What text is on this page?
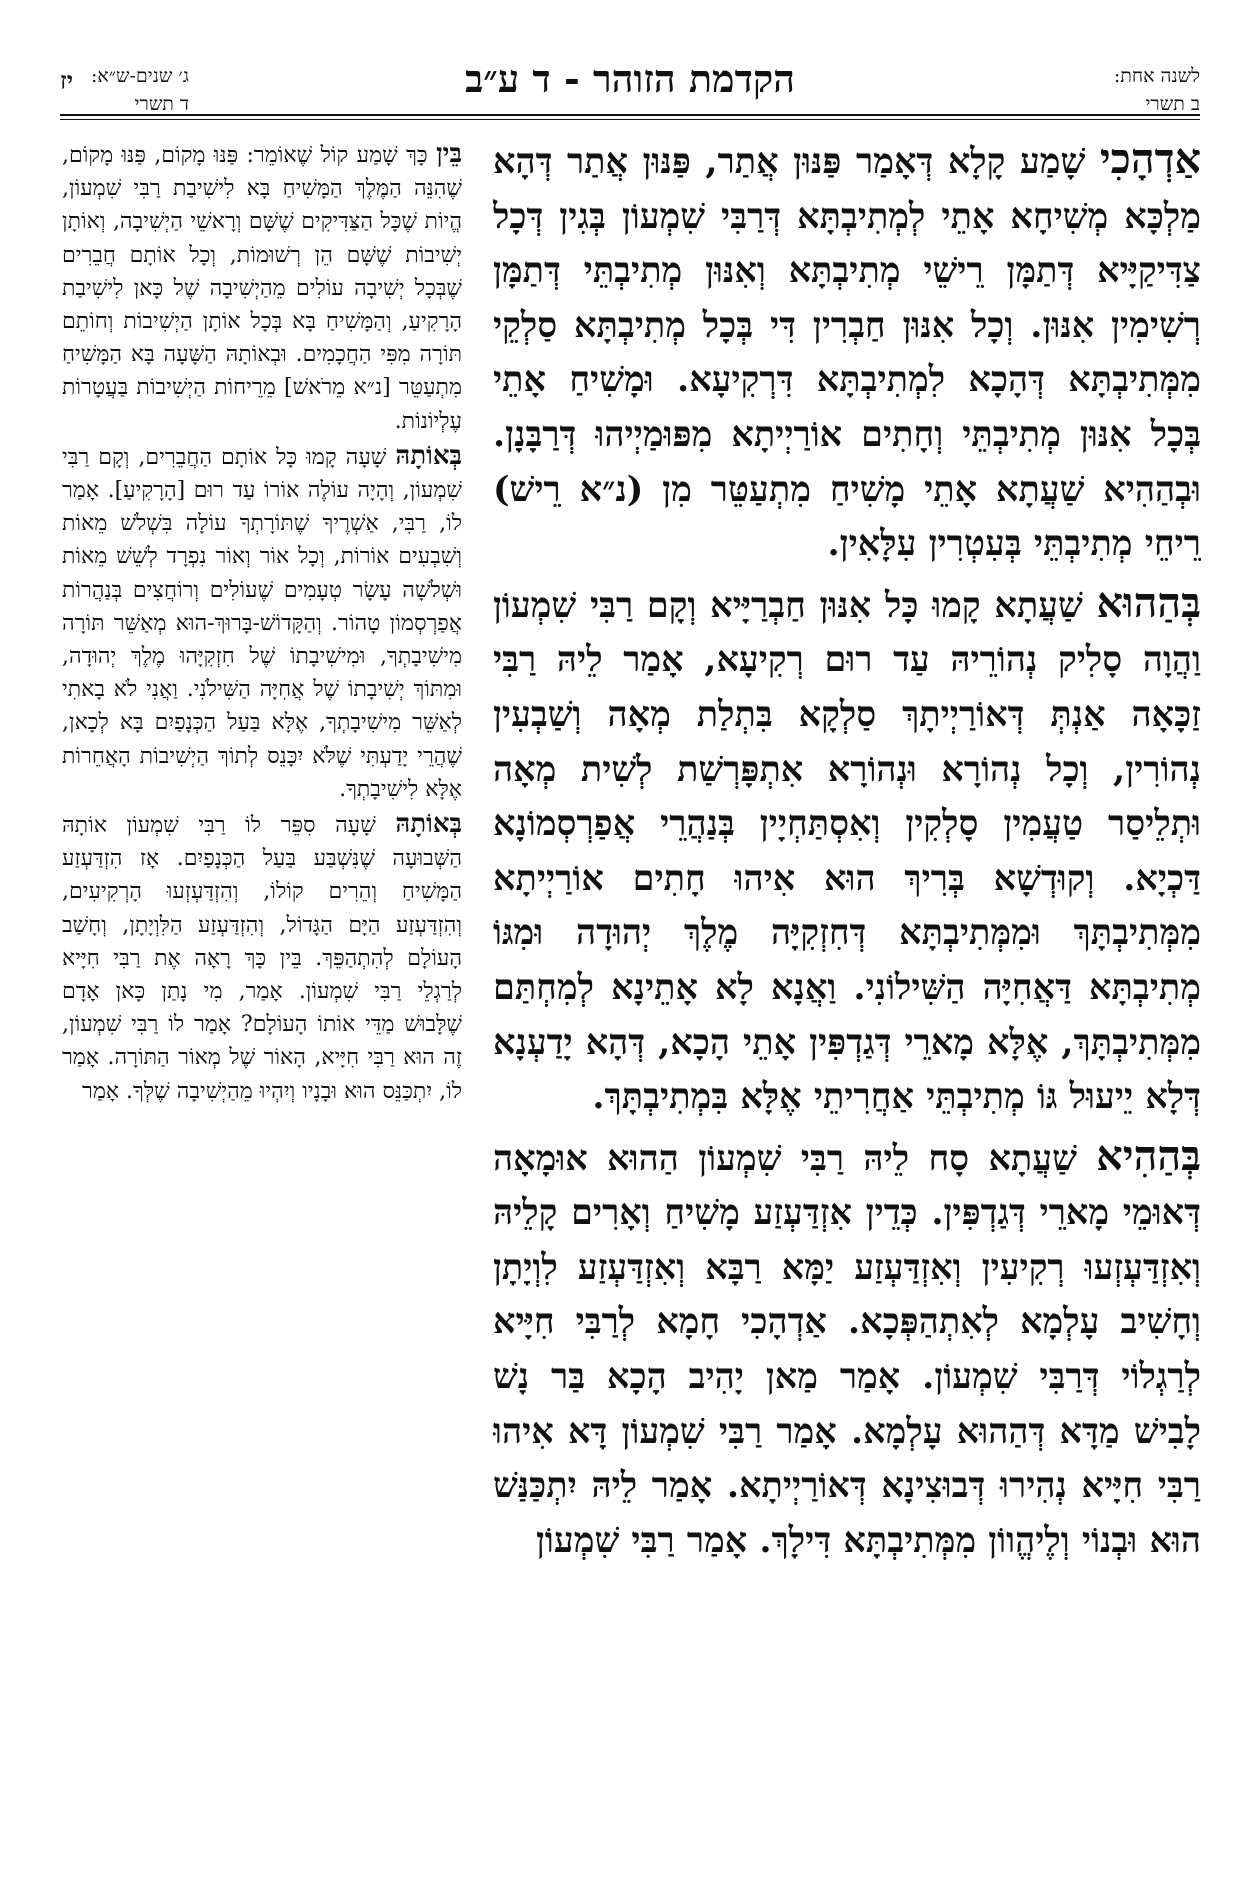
יז ג׳ שנים-ש״א:
ד תשרי
הקדמת הזוהר - ד ע״ב	לשנה אחת:
ב תשרי

אַדְהָכִי שָׁמַע קָלָא דְּאָמַר פַּנּוּן אֲתַר, פַּנּוּן אֲתַר דְּהָא מַלְכָּא מְשִׁיחָא אָתֵי לְמְתִיבְתָּא דְּרַבִּי שִׁמְעוֹן בְּגִין דְּכָל צַדִּיקַיָּיא דְּתַמָּן רֵישֵׁי מְתִיבְתָּא וְאִנּוּן מְתִיבְתֵּי דְּתַמָּן רְשִׁימִין אִנּוּן. וְכָל אִנּוּן חַבְרִין דִּי בְּכָל מְתִיבְתָּא סַלְקֵי מִמְּתִיבְתָּא דְּהָכָא לִמְתִיבְתָּא דִּרְקִיעָא. וּמָשִׁיחַ אָתֵי בְּכָל אִנּוּן מְתִיבְתֵּי וְחָתִים אוֹרַיְיתָא מִפּוּמַיְיהוּ דְּרַבָּנָן. וּבְהַהִיא שַׁעֲתָא אָתֵי מָשִׁיחַ מִתְעַטֵּר מִן (נ״א רֵישׁ) רֵיחֵי מְתִיבְתֵּי בְּעִטְרִין עִלָּאִין.

בְּהַהוּא שַׁעֲתָא קָמוּ כָּל אִנּוּן חַבְרַיָּיא וְקָם רַבִּי שִׁמְעוֹן וַהֲוָה סָלִיק נְהוֹרֵיהּ עַד רוּם רְקִיעָא, אָמַר לֵיהּ רַבִּי זַכָּאָה אַנְתְּ דְּאוֹרַיְיתָךְ סַלְקָא בִּתְלַת מְאָה וְשַׁבְעִין נְהוֹרִין, וְכָל נְהוֹרָא וּנְהוֹרָא אִתְפָּרְשַׁת לְשִׁית מְאָה וּתְלֵיסַר טַעֲמִין סָלְקִין וְאִסְתַּחְיָין בְּנַהֲרֵי אֲפַרְסְמוֹנָא דַּכְיָא. וְקוּדְשָׁא בְּרִיךְ הוּא אִיהוּ חָתִים אוֹרַיְיתָא מִמְּתִיבְתָּךְ וּמִמְּתִיבְתָּא דְּחִזְקִיָּה מֶלֶךְ יְהוּדָה וּמִגּוֹ מְתִיבְתָּא דַּאֲחִיָּה הַשִּׁילוֹנִי. וַאֲנָא לָא אָתֵינָא לְמִחְתַּם מִמְּתִיבְתָּךְ, אֶלָּא מָארֵי דְּגַדְפִּין אָתֵי הָכָא, דְּהָא יָדַעְנָא דְּלָא יֵיעוּל גּוֹ מְתִיבְתֵּי אַחֲרִיתֵי אֶלָּא בִּמְתִיבְתָּךְ.

בְּהַהִיא שַׁעֲתָא סָח לֵיהּ רַבִּי שִׁמְעוֹן הַהוּא אוּמָאָה דְּאוּמֵי מָארֵי דְּגַדְפִּין. כְּדֵין אִזְדַּעְזַע מָשִׁיחַ וְאָרִים קָלֵיהּ וְאִזְדַּעְזְעוּ רְקִיעִין וְאִזְדַּעְזַע יַמָּא רַבָּא וְאִזְדַּעְזַע לִוְיָתָן וְחָשִׁיב עָלְמָא לְאִתְהַפְּכָא. אַדְהָכִי חָמָא לְרַבִּי חִיָּיא לְרַגְלוֹי דְּרַבִּי שִׁמְעוֹן. אָמַר מַאן יָהִיב הָכָא בַּר נָשׁ לָבִישׁ מַדָּא דְּהַהוּא עָלְמָא. אָמַר רַבִּי שִׁמְעוֹן דָּא אִיהוּ רַבִּי חִיָּיא נְהִירוּ דְּבוּצִינָא דְּאוֹרַיְיתָא. אָמַר לֵיהּ יִתְכַּנַּשׁ הוּא וּבְנוֹי וְלֶיהֱווֹן מִמְּתִיבְתָּא דִּילָךְ. אָמַר רַבִּי שִׁמְעוֹן

בֵּין כָּךְ שָׁמַע קוֹל שֶׁאוֹמֵר: פַּנּוּ מָקוֹם, פַּנּוּ מָקוֹם, שֶׁהִנֵּה הַמֶּלֶךְ הַמָּשִׁיחַ בָּא לִישִׁיבַת רַבִּי שִׁמְעוֹן, הֱיוֹת שֶׁכָּל הַצַּדִּיקִים שֶׁשָּׁם וְרָאשֵׁי הַיְשִׁיבָה, וְאוֹתָן יְשִׁיבוֹת שֶׁשָּׁם הֵן רְשׁוּמוֹת, וְכָל אוֹתָם חֲבֵרִים שֶׁבְּכָל יְשִׁיבָה עוֹלִים מֵהַיְשִׁיבָה שֶׁל כָּאן לִישִׁיבַת הָרָקִיעַ, וְהַמָּשִׁיחַ בָּא בְּכָל אוֹתָן הַיְשִׁיבוֹת וְחוֹתֵם תּוֹרָה מִפִּי הַחֲכָמִים. וּבְאוֹתָהּ הַשָּׁעָה בָּא הַמָּשִׁיחַ מִתְעַטֵּר [נ״א מֵרֹאשׁ] מֵרֵיחוֹת הַיְשִׁיבוֹת בַּעֲטָרוֹת עֶלְיוֹנוֹת.

בְּאוֹתָהּ שָׁעָה קָמוּ כָּל אוֹתָם הַחֲבֵרִים, וְקָם רַבִּי שִׁמְעוֹן, וְהָיָה עוֹלֶה אוֹרוֹ עַד רוּם [הָרָקִיעַ]. אָמַר לוֹ, רַבִּי, אַשְׁרֶיךָ שֶׁתּוֹרָתְךָ עוֹלָה בִּשְׁלֹשׁ מֵאוֹת וְשִׁבְעִים אוֹרוֹת, וְכָל אוֹר וְאוֹר נִפְרָד לְשֵׁשׁ מֵאוֹת וּשְׁלֹשָׁה עָשָׂר טְעָמִים שֶׁעוֹלִים וְרוֹחֲצִים בְּנַהֲרוֹת אֲפַרְסְמוֹן טָהוֹר. וְהַקָּדוֹשׁ-בָּרוּךְ-הוּא מְאַשֵּׁר תּוֹרָה מִישִׁיבָתְךָ, וּמִישִׁיבָתוֹ שֶׁל חִזְקִיָּהוּ מֶלֶךְ יְהוּדָה, וּמִתּוֹךְ יְשִׁיבָתוֹ שֶׁל אֲחִיָּה הַשִּׁילֹנִי. וַאֲנִי לֹא בָאתִי לְאַשֵּׁר מִישִׁיבָתְךָ, אֶלָּא בַּעַל הַכְּנָפַיִם בָּא לְכָאן, שֶׁהֲרֵי יָדַעְתִּי שֶׁלֹּא יִכָּנֵס לְתוֹךְ הַיְשִׁיבוֹת הָאֲחֵרוֹת אֶלָּא לִישִׁיבָתְךָ.

בְּאוֹתָהּ שָׁעָה סִפֵּר לוֹ רַבִּי שִׁמְעוֹן אוֹתָהּ הַשְּׁבוּעָה שֶׁנִּשְׁבַּע בַּעַל הַכְּנָפַיִם. אָז הִזְדַּעְזַע הַמָּשִׁיחַ וְהֵרִים קוֹלוֹ, וְהִזְדַּעְזְעוּ הָרְקִיעִים, וְהִזְדַּעְזַע הַיָּם הַגָּדוֹל, וְהִזְדַּעְזַע הַלִּוְיָתָן, וְחָשַׁב הָעוֹלָם לְהִתְהַפֵּךְ. בֵּין כָּךְ רָאָה אֶת רַבִּי חִיָּיא לְרַגְלֵי רַבִּי שִׁמְעוֹן. אָמַר, מִי נָתַן כָּאן אָדָם שֶׁלָּבוּשׁ מַדֵּי אוֹתוֹ הָעוֹלָם? אָמַר לוֹ רַבִּי שִׁמְעוֹן, זֶה הוּא רַבִּי חִיָּיא, הָאוֹר שֶׁל מְאוֹר הַתּוֹרָה. אָמַר לוֹ, יִתְכַּנֵּס הוּא וּבָנָיו וְיִהְיוּ מֵהַיְשִׁיבָה שֶׁלְּךָ. אָמַר
